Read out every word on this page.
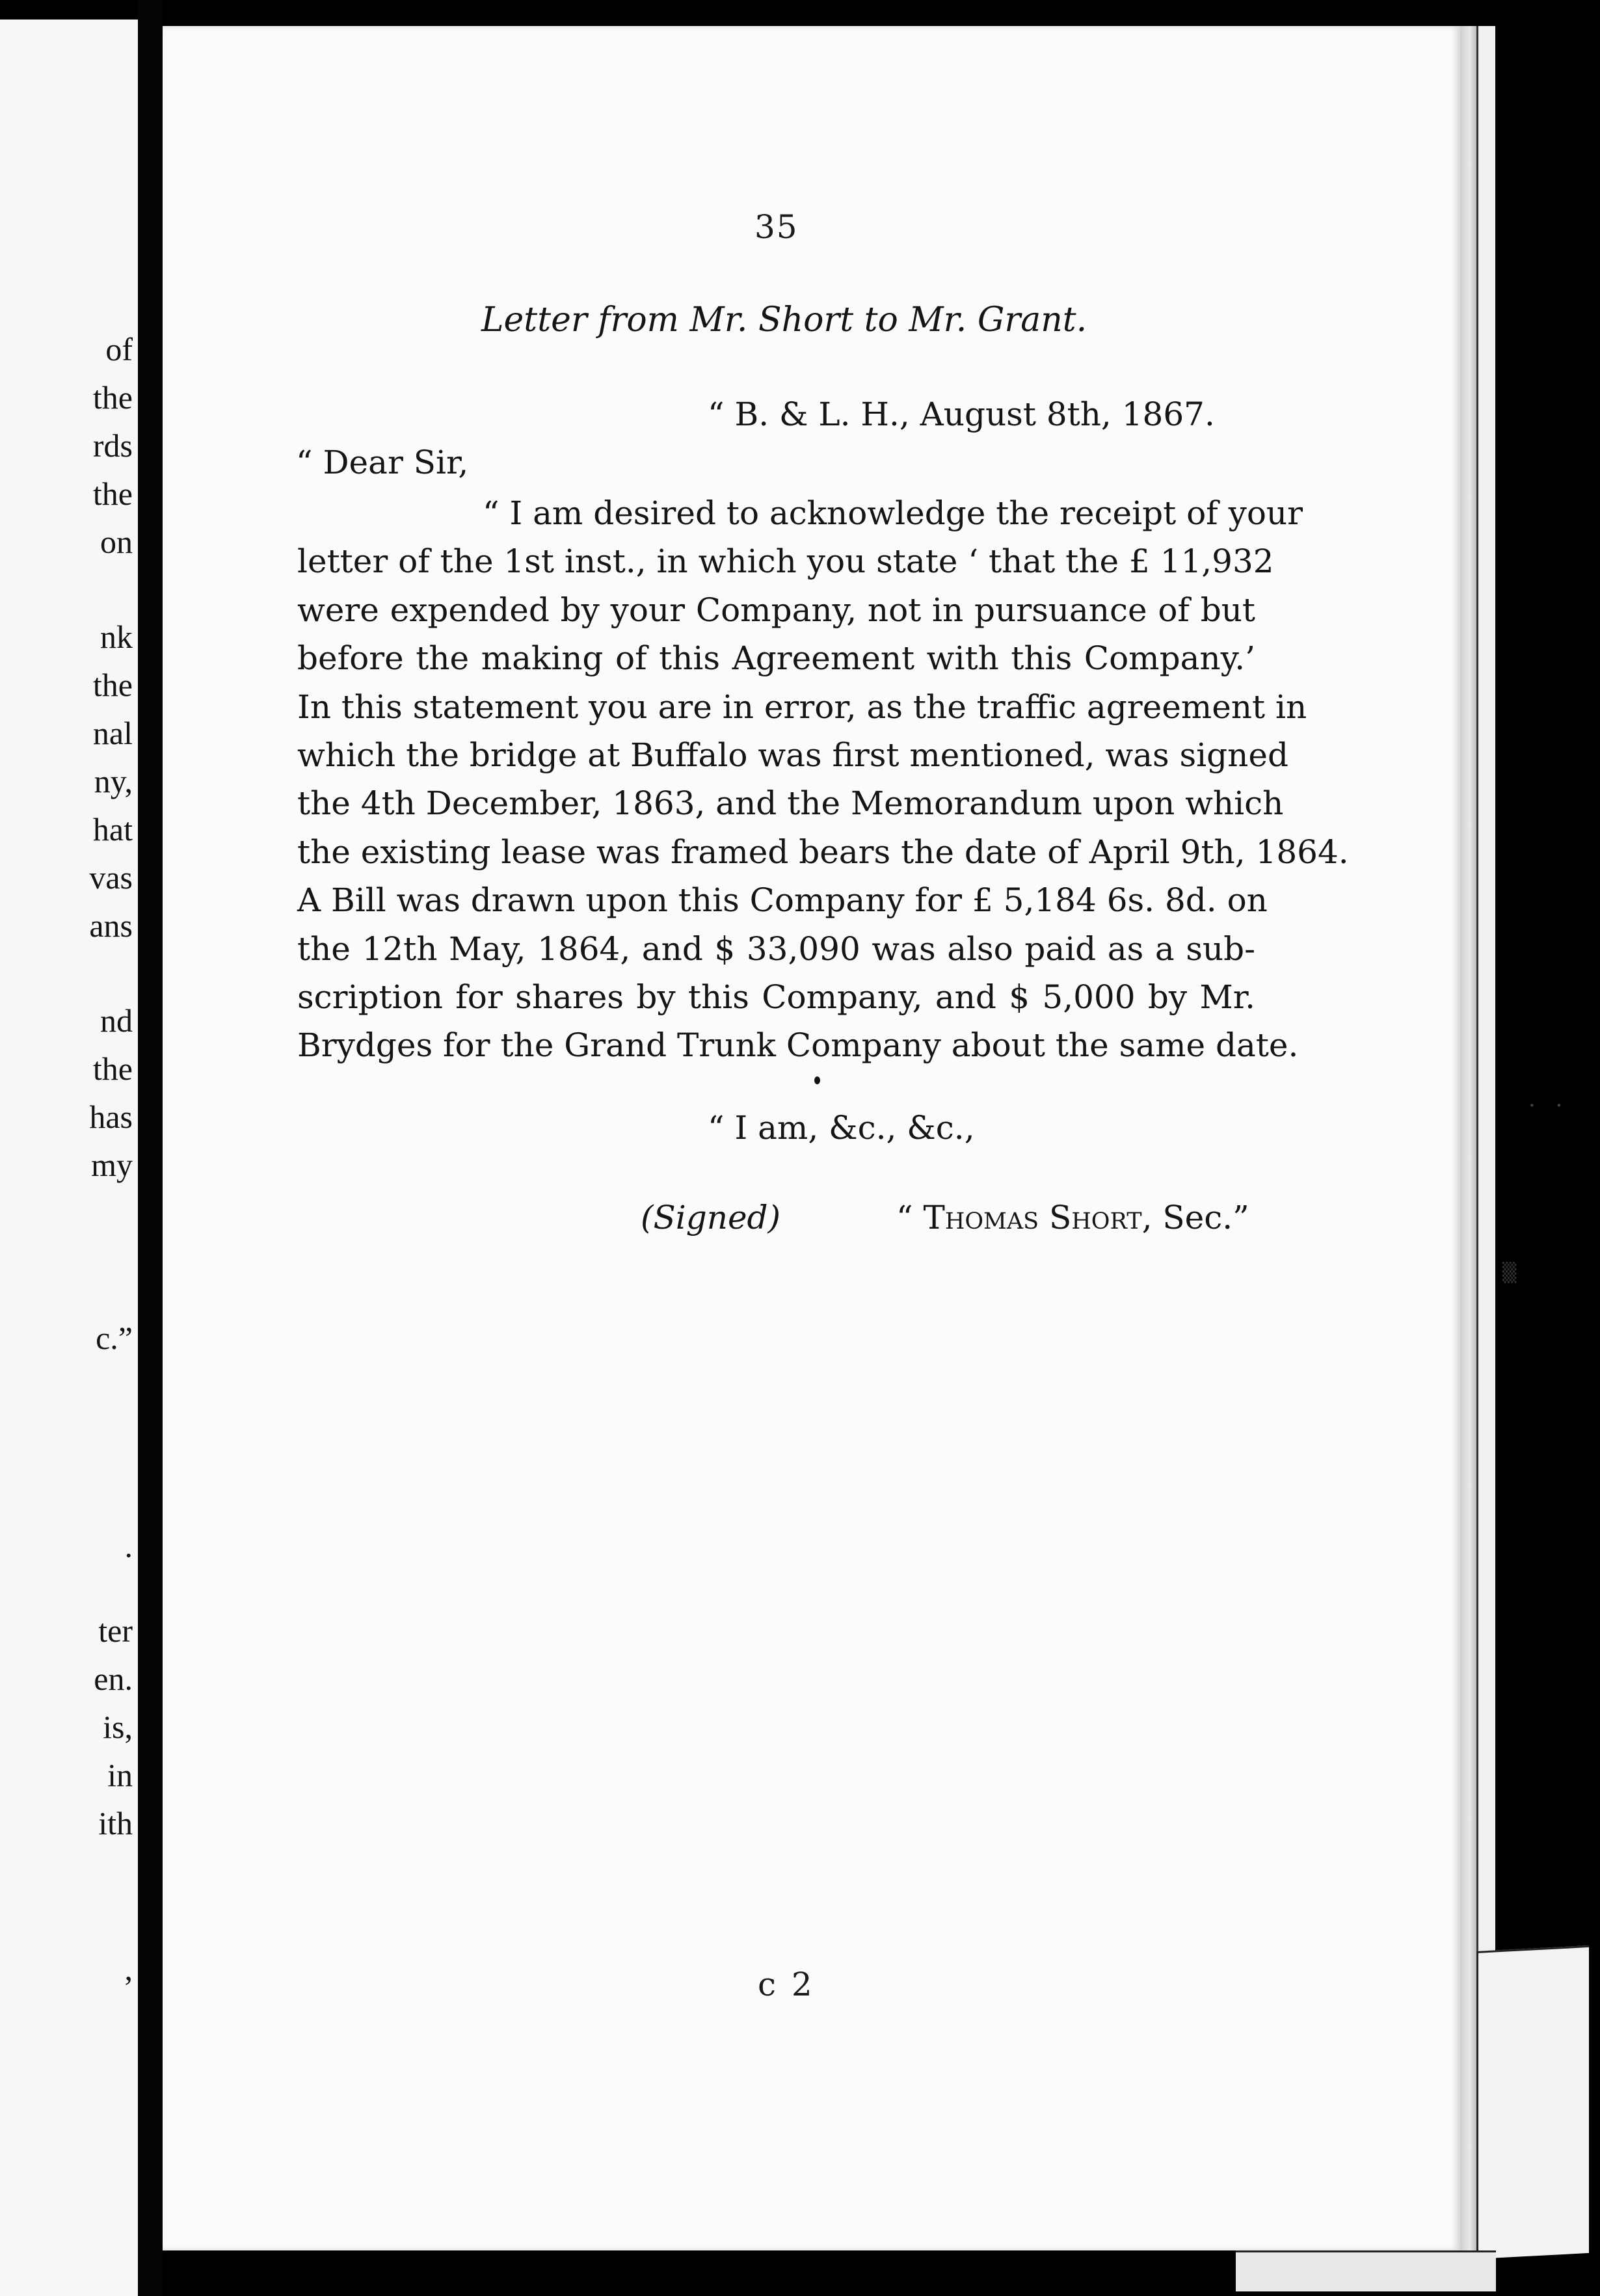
of
the
rds
the
on
nk
the
nal
ny,
hat
vas
ans
nd
the
has
my
c.”
.
ter
en.
is,
in
ith
,
· ·
▒
35
Letter from Mr. Short to Mr. Grant.
“ B. & L. H., August 8th, 1867.
“ Dear Sir,
“ I am desired to acknowledge the receipt of your
letter of the 1st inst., in which you state ‘ that the £ 11,932
were expended by your Company, not in pursuance of but
before the making of this Agreement with this Company.’
In this statement you are in error, as the traffic agreement in
which the bridge at Buffalo was first mentioned, was signed
the 4th December, 1863, and the Memorandum upon which
the existing lease was framed bears the date of April 9th, 1864.
A Bill was drawn upon this Company for £ 5,184 6s. 8d. on
the 12th May, 1864, and $ 33,090 was also paid as a sub-
scription for shares by this Company, and $ 5,000 by Mr.
Brydges for the Grand Trunk Company about the same date.
“ I am, &c., &c.,
(Signed)	“ Thomas Short, Sec.”
c 2
